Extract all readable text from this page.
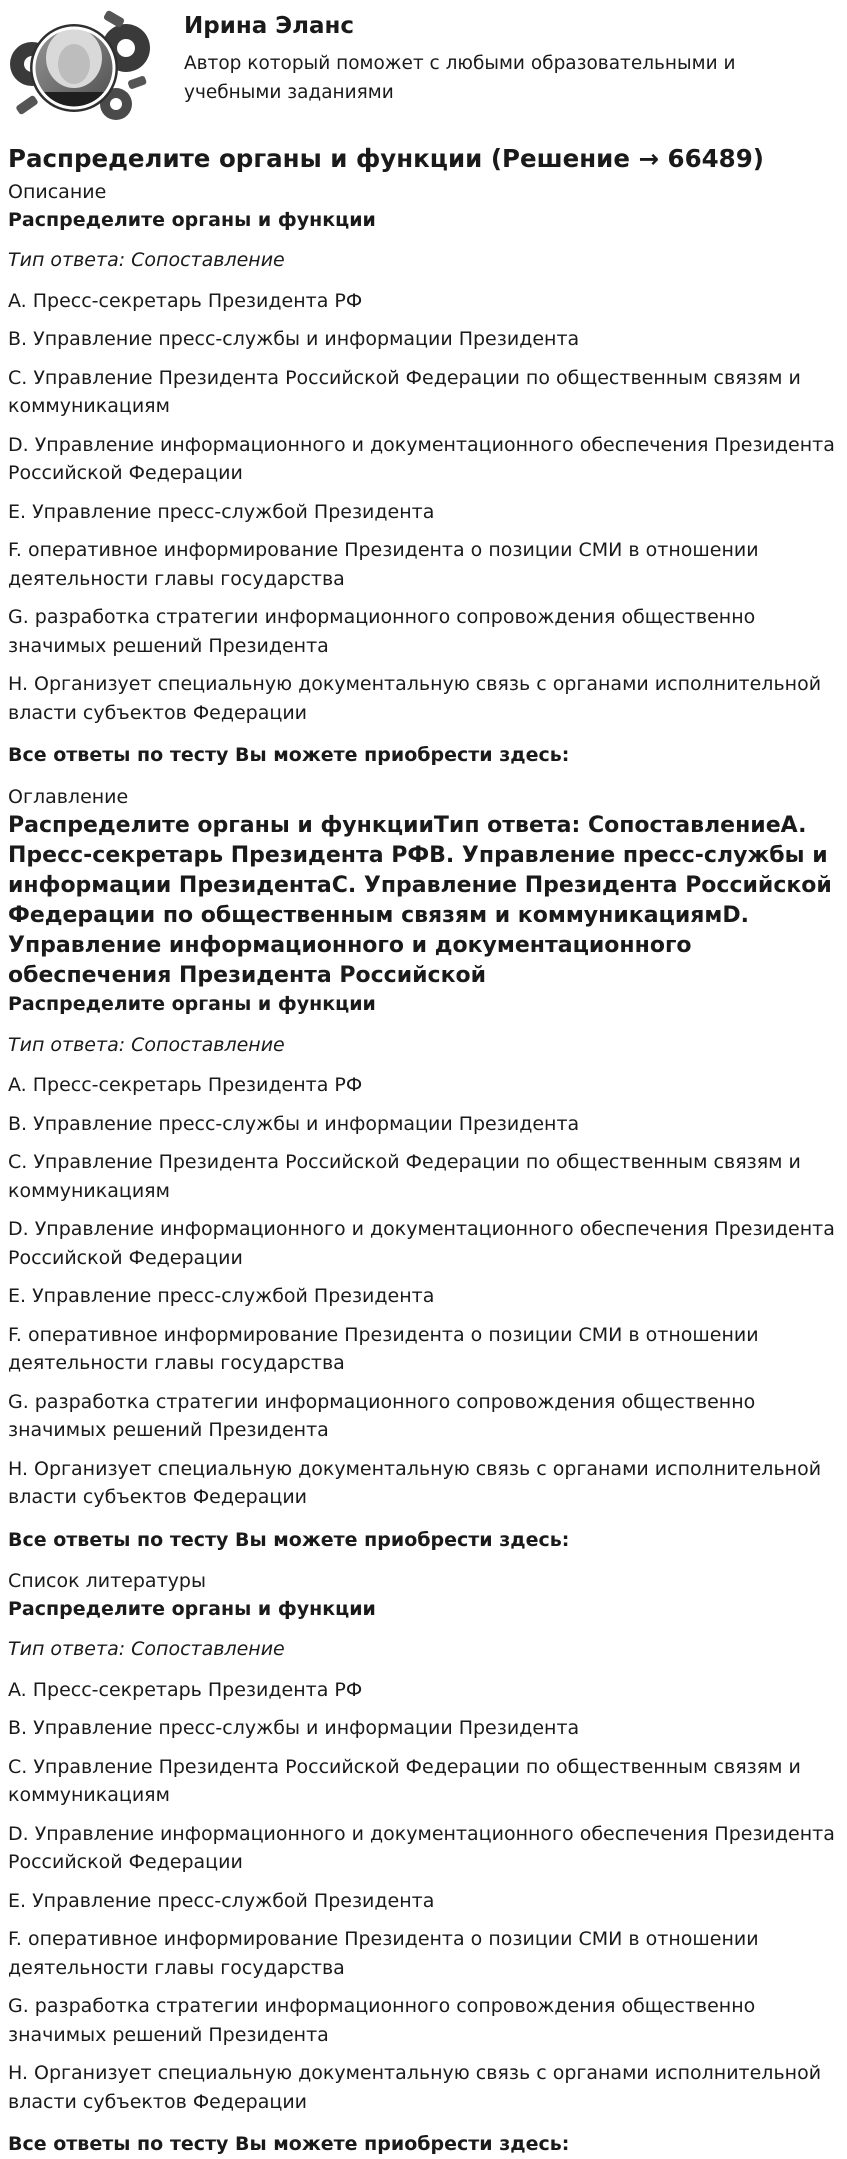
Ирина Эланс
Автор который поможет с любыми образовательными и учебными заданиями
Распределите органы и функции (Решение → 66489)
Описание
Распределите органы и функции
Тип ответа: Сопоставление
A. Пресс-секретарь Президента РФ
B. Управление пресс-службы и информации Президента
C. Управление Президента Российской Федерации по общественным связям и коммуникациям
D. Управление информационного и документационного обеспечения Президента Российской Федерации
E. Управление пресс-службой Президента
F. оперативное информирование Президента о позиции СМИ в отношении деятельности главы государства
G. разработка стратегии информационного сопровождения общественно значимых решений Президента
H. Организует специальную документальную связь с органами исполнительной власти субъектов Федерации
Все ответы по тесту Вы можете приобрести здесь:
Оглавление
Распределите органы и функцииТип ответа: СопоставлениеA. Пресс-секретарь Президента РФB. Управление пресс-службы и информации ПрезидентаC. Управление Президента Российской Федерации по общественным связям и коммуникациямD. Управление информационного и документационного обеспечения Президента Российской
Распределите органы и функции
Тип ответа: Сопоставление
A. Пресс-секретарь Президента РФ
B. Управление пресс-службы и информации Президента
C. Управление Президента Российской Федерации по общественным связям и коммуникациям
D. Управление информационного и документационного обеспечения Президента Российской Федерации
E. Управление пресс-службой Президента
F. оперативное информирование Президента о позиции СМИ в отношении деятельности главы государства
G. разработка стратегии информационного сопровождения общественно значимых решений Президента
H. Организует специальную документальную связь с органами исполнительной власти субъектов Федерации
Все ответы по тесту Вы можете приобрести здесь:
Список литературы
Распределите органы и функции
Тип ответа: Сопоставление
A. Пресс-секретарь Президента РФ
B. Управление пресс-службы и информации Президента
C. Управление Президента Российской Федерации по общественным связям и коммуникациям
D. Управление информационного и документационного обеспечения Президента Российской Федерации
E. Управление пресс-службой Президента
F. оперативное информирование Президента о позиции СМИ в отношении деятельности главы государства
G. разработка стратегии информационного сопровождения общественно значимых решений Президента
H. Организует специальную документальную связь с органами исполнительной власти субъектов Федерации
Все ответы по тесту Вы можете приобрести здесь:
